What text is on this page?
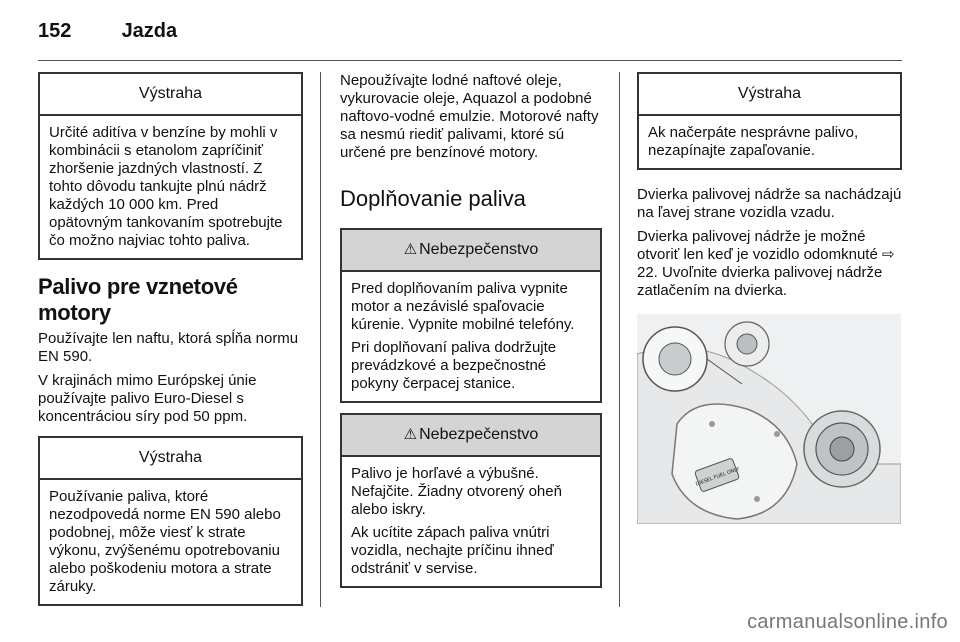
152	Jazda
Výstraha

Určité aditíva v benzíne by mohli v kombinácii s etanolom zapríčiniť zhoršenie jazdných vlastností. Z tohto dôvodu tankujte plnú nádrž každých 10 000 km. Pred opätovným tankovaním spotrebujte čo možno najviac tohto paliva.

Palivo pre vznetové motory

Používajte len naftu, ktorá spĺňa normu EN 590.

V krajinách mimo Európskej únie používajte palivo Euro-Diesel s koncentráciou síry pod 50 ppm.

Výstraha

Používanie paliva, ktoré nezodpovedá norme EN 590 alebo podobnej, môže viesť k strate výkonu, zvýšenému opotrebovaniu alebo poškodeniu motora a strate záruky.

Nepoužívajte lodné naftové oleje, vykurovacie oleje, Aquazol a podobné naftovo-vodné emulzie. Motorové nafty sa nesmú riediť palivami, ktoré sú určené pre benzínové motory.

Doplňovanie paliva
⚠ Nebezpečenstvo

Pred doplňovaním paliva vypnite motor a nezávislé spaľovacie kúrenie. Vypnite mobilné telefóny.

Pri doplňovaní paliva dodržujte prevádzkové a bezpečnostné pokyny čerpacej stanice.

⚠ Nebezpečenstvo

Palivo je horľavé a výbušné. Nefajčite. Žiadny otvorený oheň alebo iskry.

Ak ucítite zápach paliva vnútri vozidla, nechajte príčinu ihneď odstrániť v servise.

Výstraha

Ak načerpáte nesprávne palivo, nezapínajte zapaľovanie.

Dvierka palivovej nádrže sa nachádzajú na ľavej strane vozidla vzadu.

Dvierka palivovej nádrže je možné otvoriť len keď je vozidlo odomknuté ⇨ 22. Uvoľnite dvierka palivovej nádrže zatlačením na dvierka.

DIESEL FUEL ONLY
carmanualsonline.info
